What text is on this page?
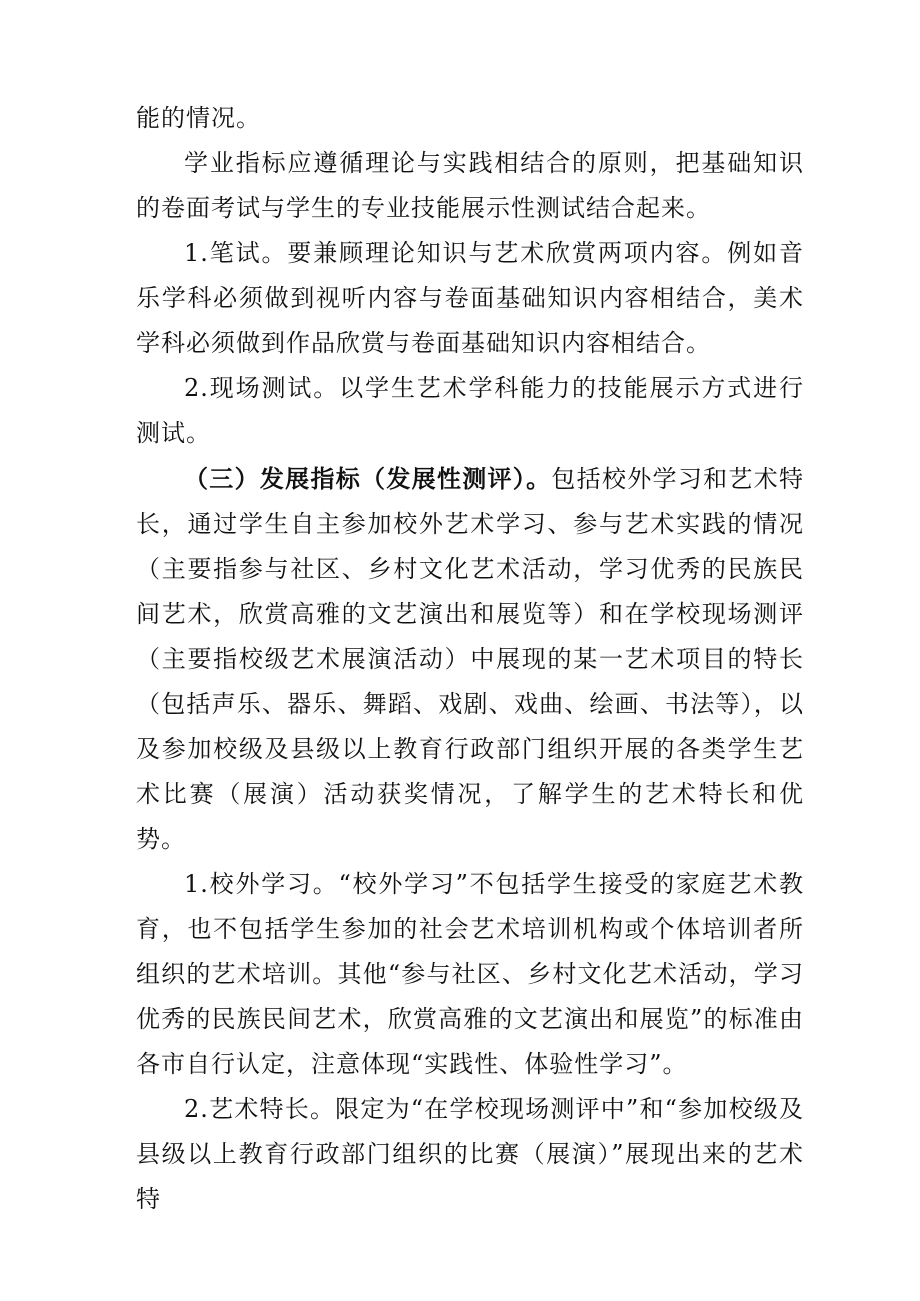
能的情况。

学业指标应遵循理论与实践相结合的原则，把基础知识的卷面考试与学生的专业技能展示性测试结合起来。

1.笔试。要兼顾理论知识与艺术欣赏两项内容。例如音乐学科必须做到视听内容与卷面基础知识内容相结合，美术学科必须做到作品欣赏与卷面基础知识内容相结合。

2.现场测试。以学生艺术学科能力的技能展示方式进行测试。

（三）发展指标（发展性测评）。包括校外学习和艺术特长，通过学生自主参加校外艺术学习、参与艺术实践的情况（主要指参与社区、乡村文化艺术活动，学习优秀的民族民间艺术，欣赏高雅的文艺演出和展览等）和在学校现场测评（主要指校级艺术展演活动）中展现的某一艺术项目的特长（包括声乐、器乐、舞蹈、戏剧、戏曲、绘画、书法等），以及参加校级及县级以上教育行政部门组织开展的各类学生艺术比赛（展演）活动获奖情况，了解学生的艺术特长和优势。

1.校外学习。“校外学习”不包括学生接受的家庭艺术教育，也不包括学生参加的社会艺术培训机构或个体培训者所组织的艺术培训。其他“参与社区、乡村文化艺术活动，学习优秀的民族民间艺术，欣赏高雅的文艺演出和展览”的标准由各市自行认定，注意体现“实践性、体验性学习”。

2.艺术特长。限定为“在学校现场测评中”和“参加校级及县级以上教育行政部门组织的比赛（展演）”展现出来的艺术特
